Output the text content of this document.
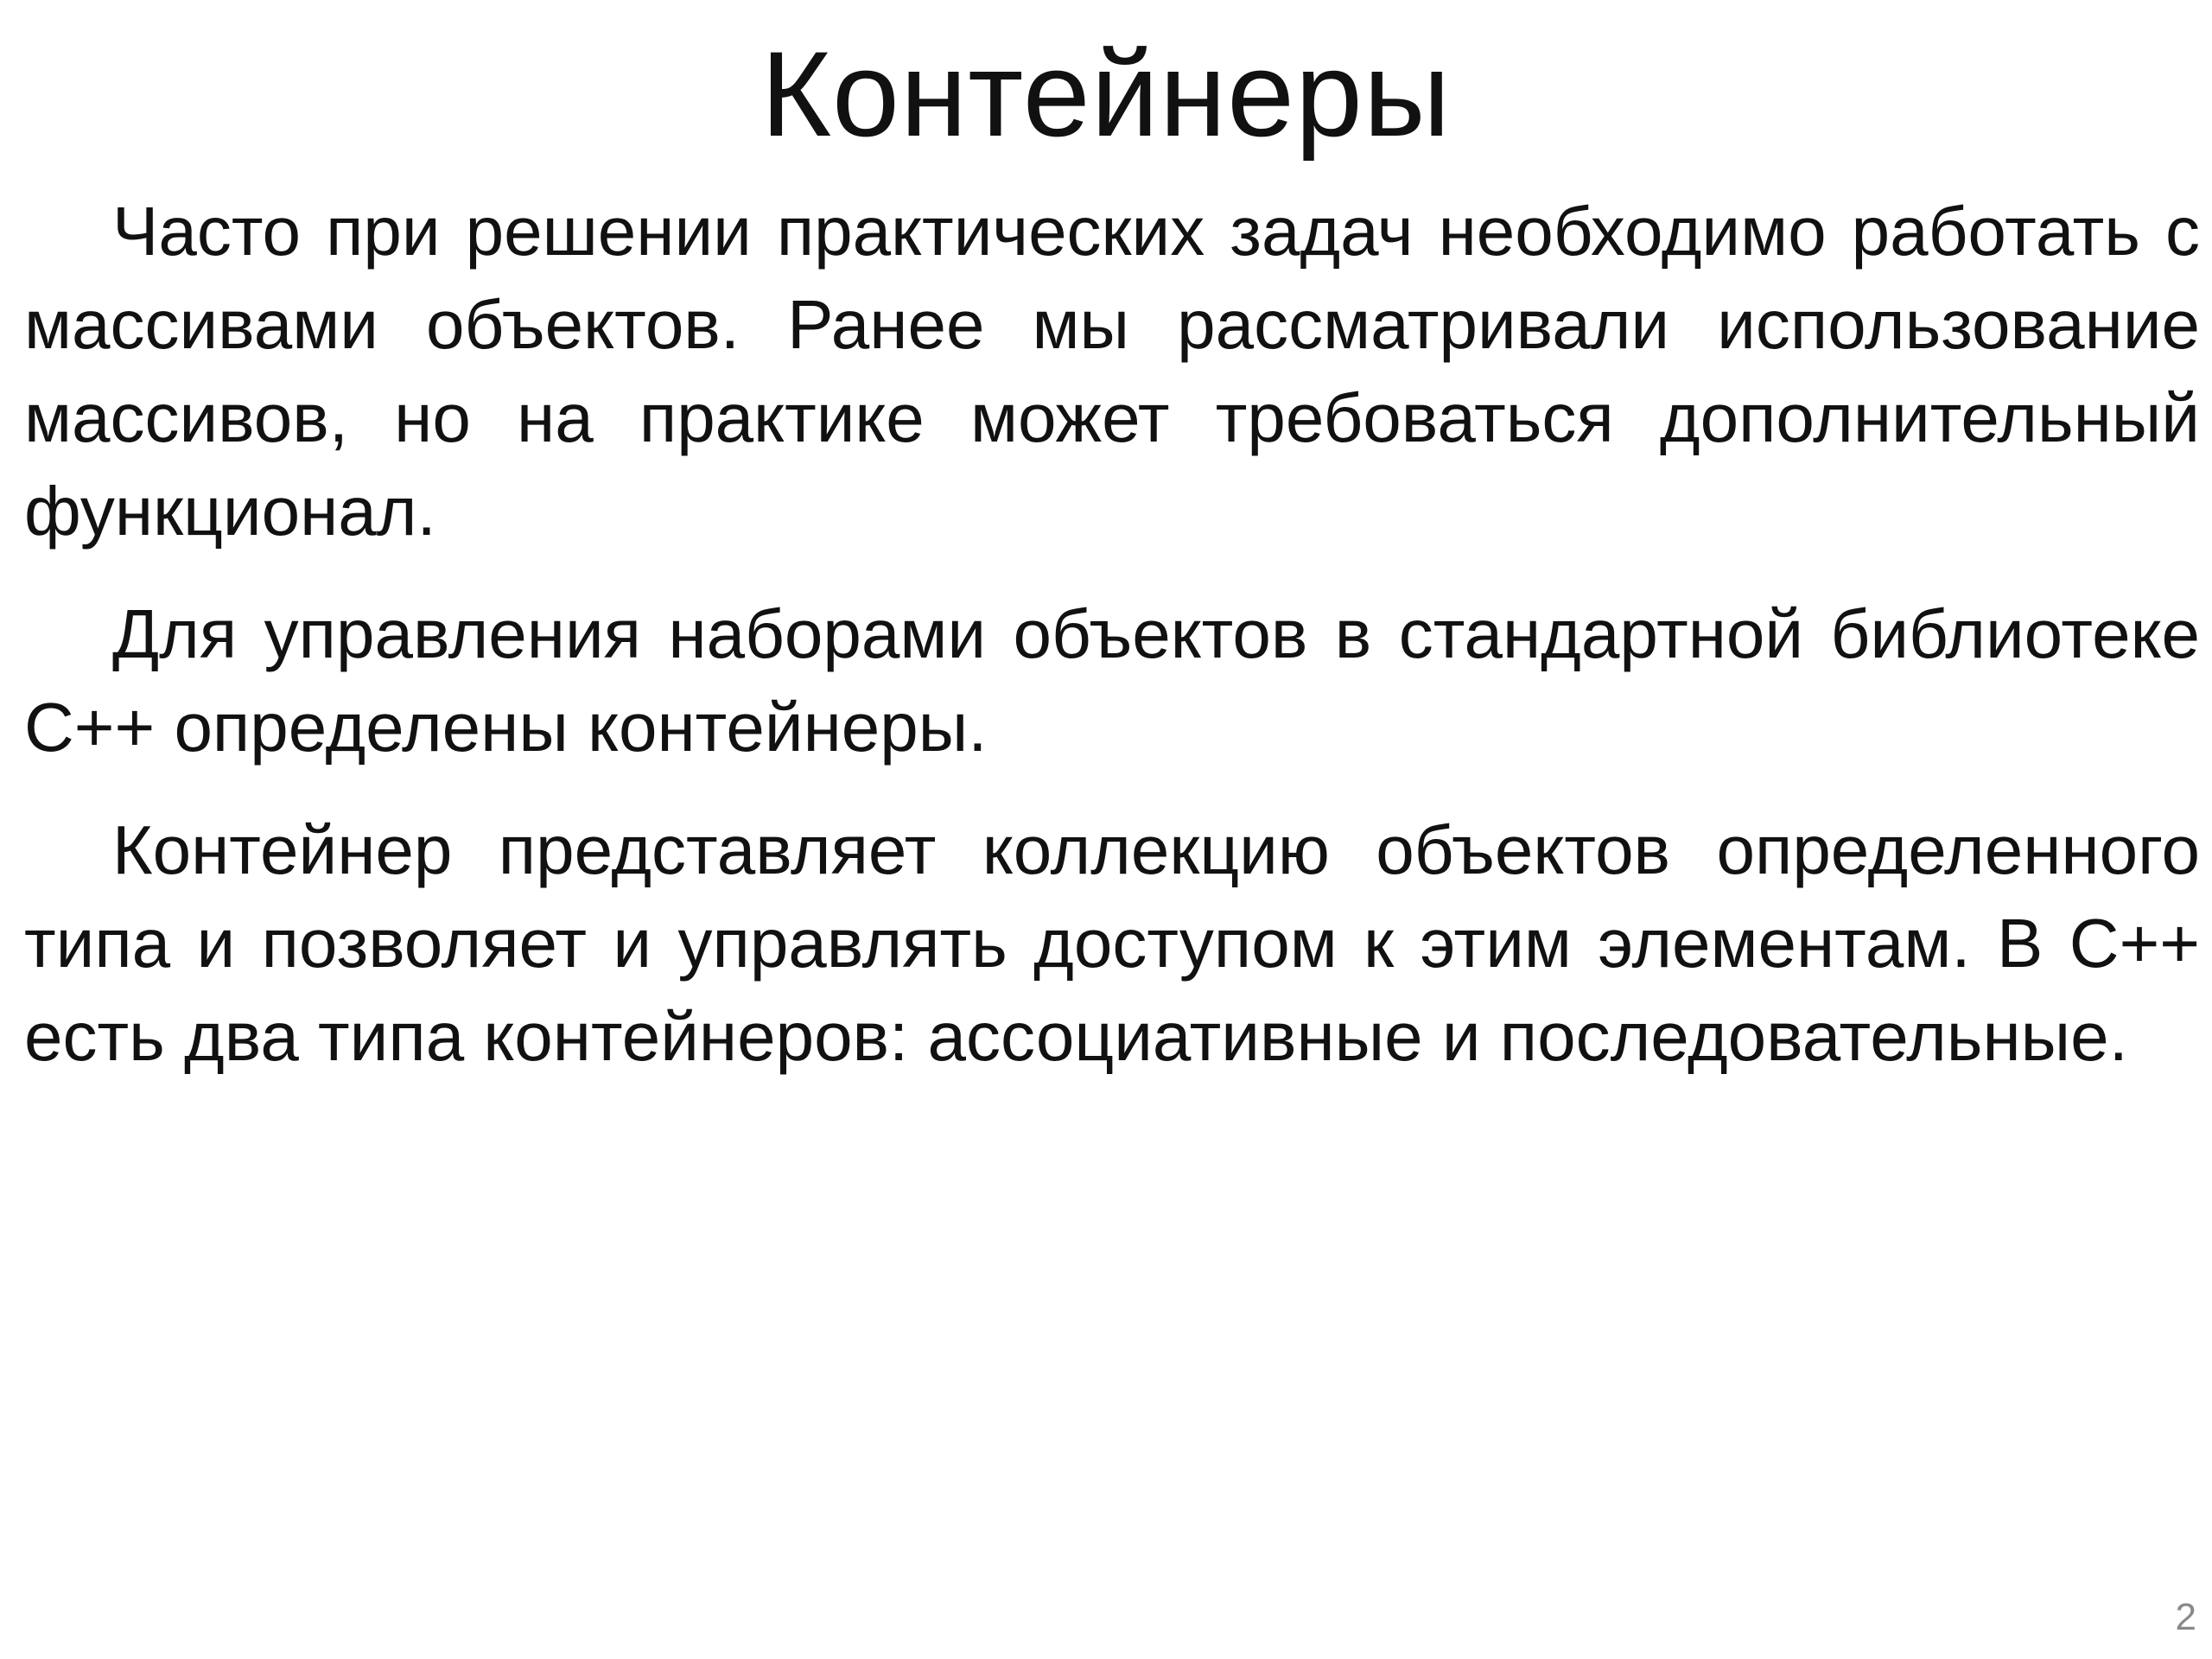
Контейнеры

Часто при решении практических задач необходимо работать с массивами объектов. Ранее мы рассматривали использование массивов, но на практике может требоваться дополнительный функционал.

Для управления наборами объектов в стандартной библиотеке C++ определены контейнеры.

Контейнер представляет коллекцию объектов определенного типа и позволяет и управлять доступом к этим элементам. В C++ есть два типа контейнеров: ассоциативные и последовательные.

2
